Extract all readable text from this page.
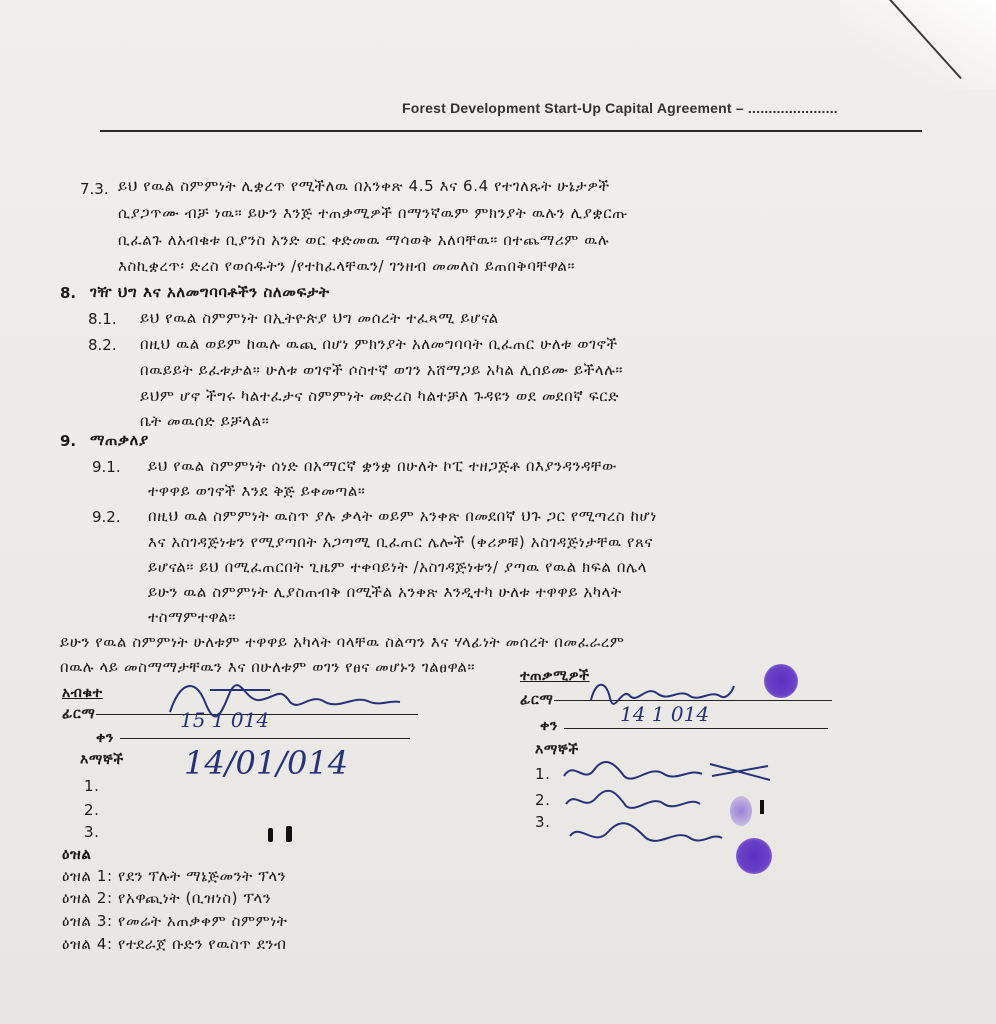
Forest Development Start-Up Capital Agreement – ......................
7.3. ይህ የዉል ስምምነት ሊቋረጥ የሚችለዉ በአንቀጽ 4.5 እና 6.4 የተገለጹት ሁኔታዎች
ሲያጋጥሙ ብቻ ነዉ። ይሁን እንጅ ተጠቃሚዎች በማንኛዉም ምክንያት ዉሉን ሊያቋርጡ
ቢፈልጉ ለአብቁቱ ቢያንስ አንድ ወር ቀድመዉ ማሳወቅ አለባቸዉ። በተጨማሪም ዉሉ
እስኪቋረጥ፡ ድረስ የወሰዱትን /የተከፈላቸዉን/ ገንዘብ መመለስ ይጠበቅባቸዋል።
8. ገዥ ህግ እና አለመግባባቶችን ስለመፍታት
8.1. ይህ የዉል ስምምነት በኢትዮጵያ ህግ መሰረት ተፈጻሚ ይሆናል
8.2. በዚህ ዉል ወይም ከዉሉ ዉጪ በሆነ ምክንያት አለመግባባት ቢፈጠር ሁለቱ ወገኖች
በዉይይት ይፈቱታል። ሁለቱ ወገኖች ሶስተኛ ወገን አሸማጋይ አካል ሊሰይሙ ይችላሉ።
ይህም ሆኖ ችግሩ ካልተፈታና ስምምነት መድረስ ካልተቻለ ጉዳዩን ወደ መደበኛ ፍርድ
ቤት መዉሰድ ይቻላል።
9. ማጠቃለያ
9.1. ይህ የዉል ስምምነት ሰነድ በአማርኛ ቋንቋ በሁለት ኮፒ ተዘጋጅቶ በእያንዳንዳቸው
ተዋዋይ ወገኖች እንደ ቅጅ ይቀመጣል።
9.2. በዚህ ዉል ስምምነት ዉስጥ ያሉ ቃላት ወይም አንቀጽ በመደበኛ ህጉ ጋር የሚጣረስ ከሆነ
እና አስገዳጅነቱን የሚያጣበት አጋጣሚ ቢፈጠር ሌሎች (ቀሪዎቹ) አስገዳጅነታቸዉ የጸና
ይሆናል። ይህ በሚፈጠርበት ጊዜም ተቀባይነት /አስገዳጅነቱን/ ያጣዉ የዉል ክፍል በሌላ
ይሁን ዉል ስምምነት ሊያስጠብቅ በሚችል አንቀጽ እንዲተካ ሁለቱ ተዋዋይ አካላት
ተስማምተዋል።
ይሁን የዉል ስምምነት ሁለቱም ተዋዋይ አካላት ባላቸዉ ስልጣን እና ሃላፊነት መሰረት በመፈራረም
በዉሉ ላይ መስማማታቸዉን እና በሁለቱም ወገን የፀና መሆኑን ገልፀዋል።
አብቁተ
ፊርማ
ቀን
15 1 014
እማኞች 14/01/014
1.
2.
3.
ተጠቃሚዎች
ፊርማ
ቀን	14 1 014
እማኞች
1.
2.
3.
ዕዝል
ዕዝል 1: የደን ፕሉት ማኔጅመንት ፕላን
ዕዝል 2: የአዋጪነት (ቢዝነስ) ፕላን
ዕዝል 3: የመሬት አጠቃቀም ስምምነት
ዕዝል 4: የተደራጀ ቡድን የዉስጥ ደንብ
